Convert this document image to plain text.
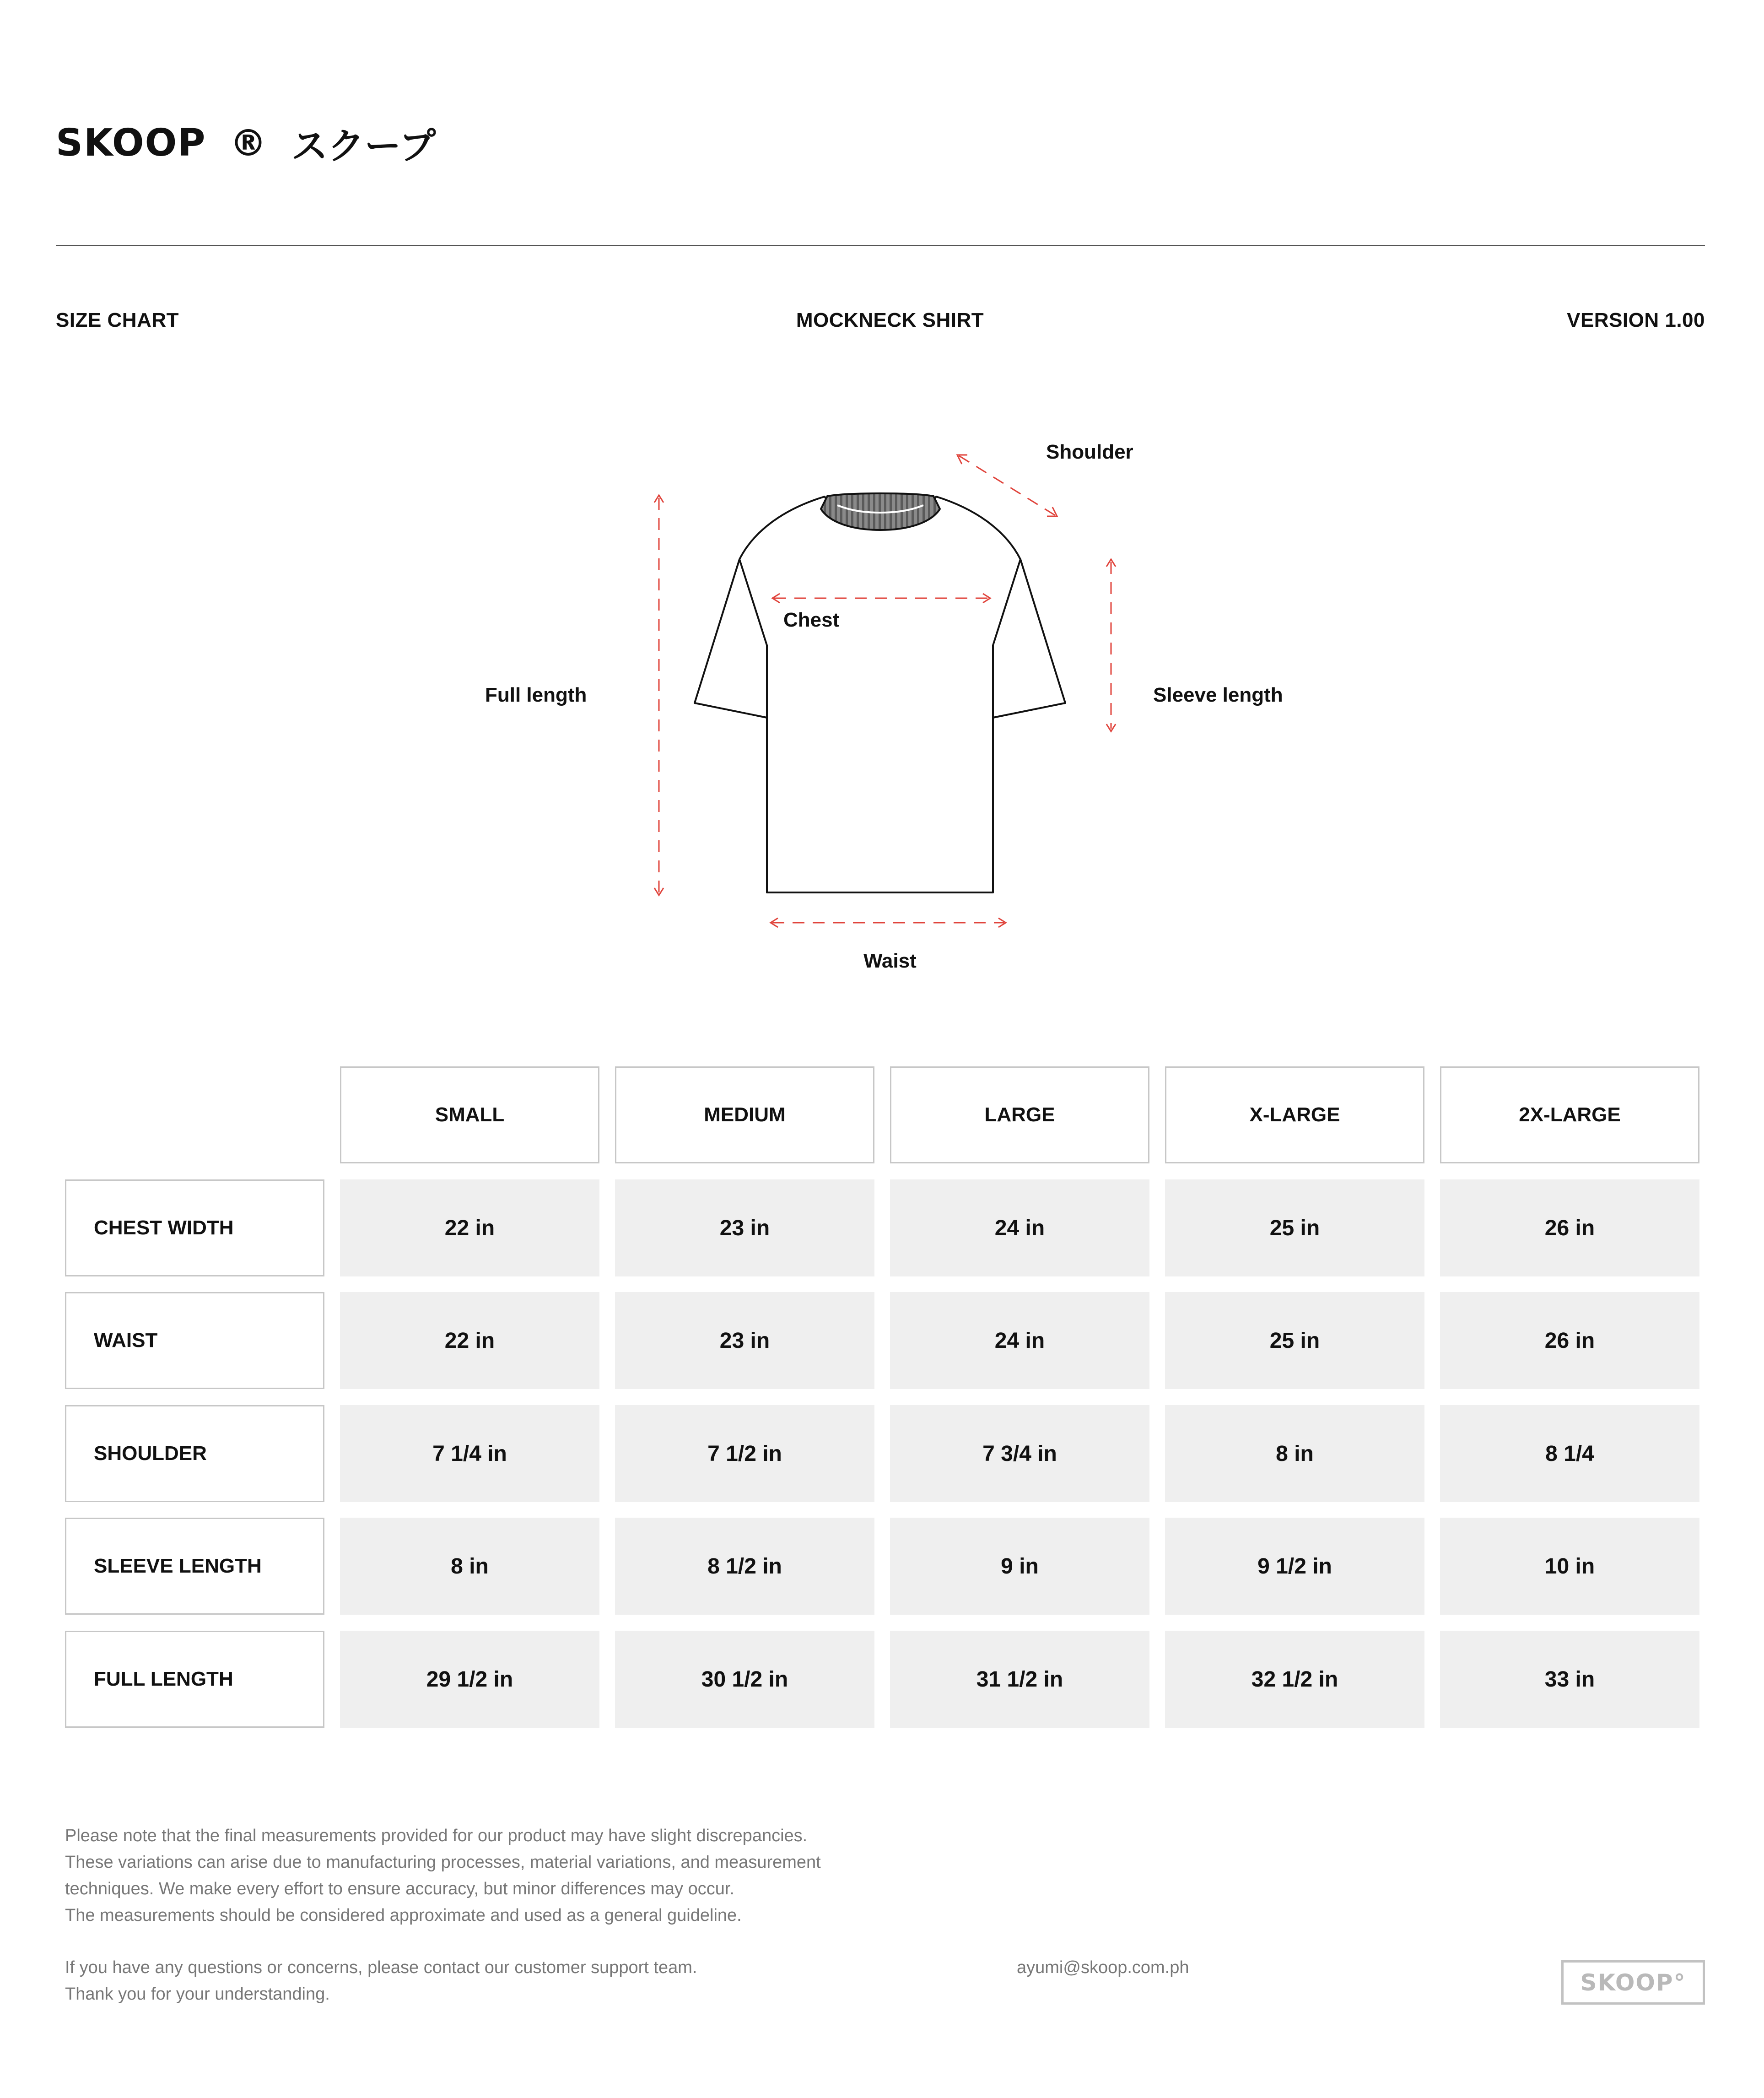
SKOOP ® スクープ
SIZE CHART	MOCKNECK SHIRT	VERSION 1.00
Shoulder
Chest
Full length	Sleeve length
Waist
SMALL	MEDIUM	LARGE	X-LARGE	2X-LARGE
CHEST WIDTH	22 in	23 in	24 in	25 in	26 in
WAIST	22 in	23 in	24 in	25 in	26 in
SHOULDER	7 1/4 in	7 1/2 in	7 3/4 in	8 in	8 1/4
SLEEVE LENGTH	8 in	8 1/2 in	9 in	9 1/2 in	10 in
FULL LENGTH	29 1/2 in	30 1/2 in	31 1/2 in	32 1/2 in	33 in

Please note that the final measurements provided for our product may have slight discrepancies.

These variations can arise due to manufacturing processes, material variations, and measurement

techniques. We make every effort to ensure accuracy, but minor differences may occur.

The measurements should be considered approximate and used as a general guideline.

If you have any questions or concerns, please contact our customer support team.

Thank you for your understanding.

ayumi@skoop.com.ph
SKOOP°
